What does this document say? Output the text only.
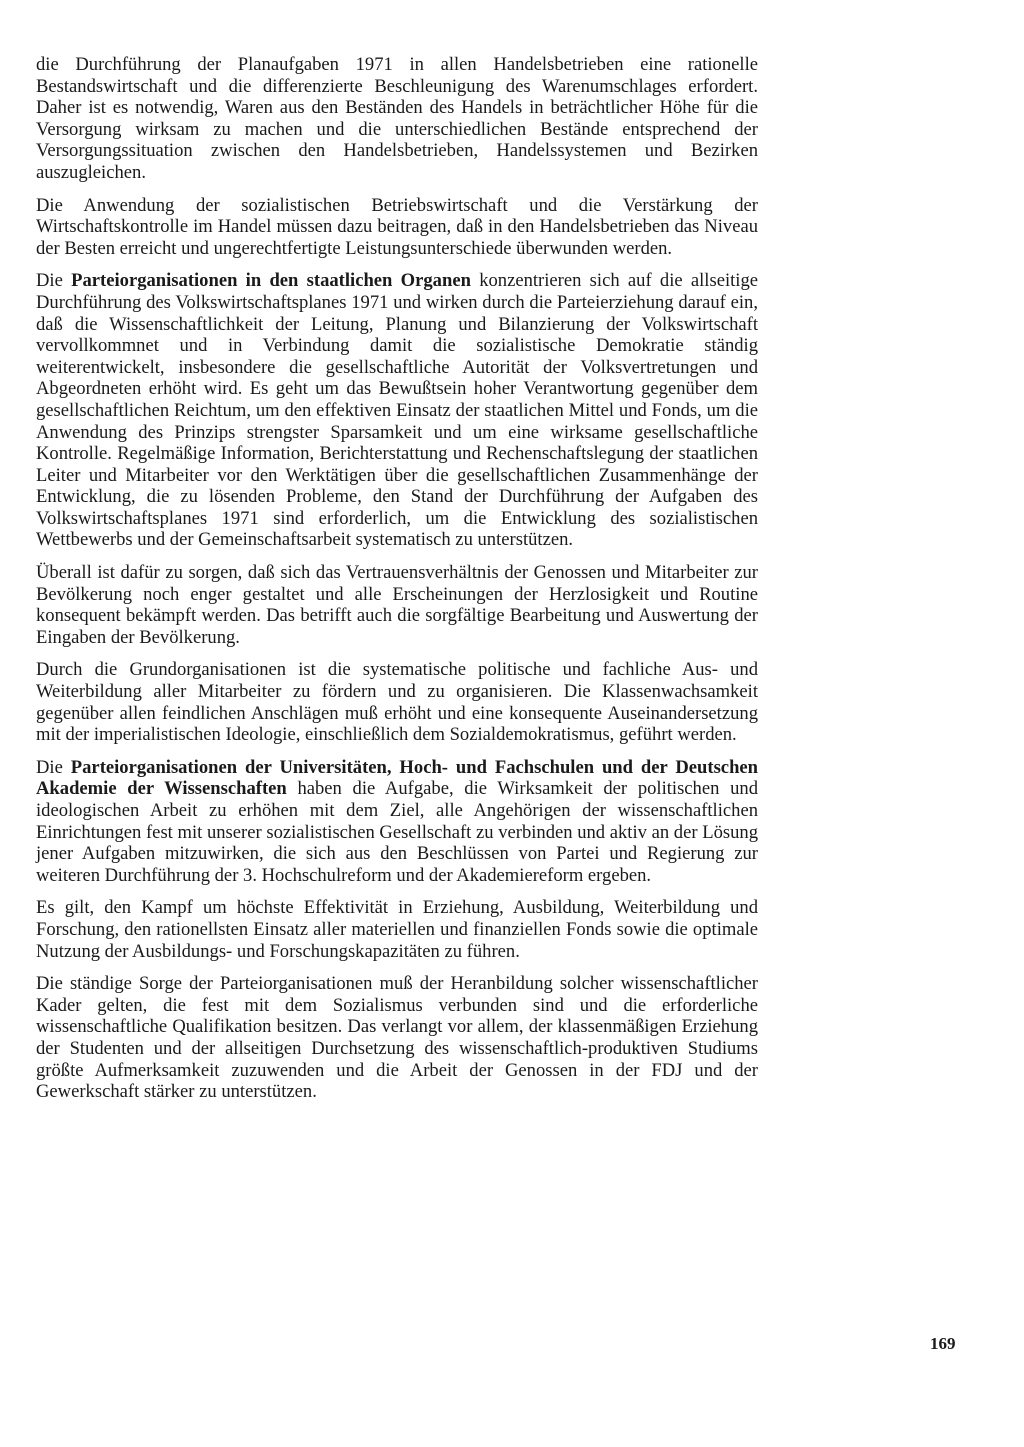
die Durchführung der Planaufgaben 1971 in allen Handelsbetrieben eine rationelle Bestandswirtschaft und die differenzierte Beschleunigung des Warenumschlages erfordert. Daher ist es notwendig, Waren aus den Beständen des Handels in beträchtlicher Höhe für die Versorgung wirksam zu machen und die unterschiedlichen Bestände entsprechend der Versorgungssituation zwischen den Handelsbetrieben, Handelssystemen und Bezirken auszugleichen.

Die Anwendung der sozialistischen Betriebswirtschaft und die Verstärkung der Wirtschaftskontrolle im Handel müssen dazu beitragen, daß in den Handelsbetrieben das Niveau der Besten erreicht und ungerechtfertigte Leistungsunterschiede überwunden werden.

Die Parteiorganisationen in den staatlichen Organen konzentrieren sich auf die allseitige Durchführung des Volkswirtschaftsplanes 1971 und wirken durch die Parteierziehung darauf ein, daß die Wissenschaftlichkeit der Leitung, Planung und Bilanzierung der Volkswirtschaft vervollkommnet und in Verbindung damit die sozialistische Demokratie ständig weiterentwickelt, insbesondere die gesellschaftliche Autorität der Volksvertretungen und Abgeordneten erhöht wird. Es geht um das Bewußtsein hoher Verantwortung gegenüber dem gesellschaftlichen Reichtum, um den effektiven Einsatz der staatlichen Mittel und Fonds, um die Anwendung des Prinzips strengster Sparsamkeit und um eine wirksame gesellschaftliche Kontrolle. Regelmäßige Information, Berichterstattung und Rechenschaftslegung der staatlichen Leiter und Mitarbeiter vor den Werktätigen über die gesellschaftlichen Zusammenhänge der Entwicklung, die zu lösenden Probleme, den Stand der Durchführung der Aufgaben des Volkswirtschaftsplanes 1971 sind erforderlich, um die Entwicklung des sozialistischen Wettbewerbs und der Gemeinschaftsarbeit systematisch zu unterstützen.

Überall ist dafür zu sorgen, daß sich das Vertrauensverhältnis der Genossen und Mitarbeiter zur Bevölkerung noch enger gestaltet und alle Erscheinungen der Herzlosigkeit und Routine konsequent bekämpft werden. Das betrifft auch die sorgfältige Bearbeitung und Auswertung der Eingaben der Bevölkerung.

Durch die Grundorganisationen ist die systematische politische und fachliche Aus- und Weiterbildung aller Mitarbeiter zu fördern und zu organisieren. Die Klassenwachsamkeit gegenüber allen feindlichen Anschlägen muß erhöht und eine konsequente Auseinandersetzung mit der imperialistischen Ideologie, einschließlich dem Sozialdemokratismus, geführt werden.

Die Parteiorganisationen der Universitäten, Hoch- und Fachschulen und der Deutschen Akademie der Wissenschaften haben die Aufgabe, die Wirksamkeit der politischen und ideologischen Arbeit zu erhöhen mit dem Ziel, alle Angehörigen der wissenschaftlichen Einrichtungen fest mit unserer sozialistischen Gesellschaft zu verbinden und aktiv an der Lösung jener Aufgaben mitzuwirken, die sich aus den Beschlüssen von Partei und Regierung zur weiteren Durchführung der 3. Hochschulreform und der Akademiereform ergeben.

Es gilt, den Kampf um höchste Effektivität in Erziehung, Ausbildung, Weiterbildung und Forschung, den rationellsten Einsatz aller materiellen und finanziellen Fonds sowie die optimale Nutzung der Ausbildungs- und Forschungskapazitäten zu führen.

Die ständige Sorge der Parteiorganisationen muß der Heranbildung solcher wissenschaftlicher Kader gelten, die fest mit dem Sozialismus verbunden sind und die erforderliche wissenschaftliche Qualifikation besitzen. Das verlangt vor allem, der klassenmäßigen Erziehung der Studenten und der allseitigen Durchsetzung des wissenschaftlich-produktiven Studiums größte Aufmerksamkeit zuzuwenden und die Arbeit der Genossen in der FDJ und der Gewerkschaft stärker zu unterstützen.

169
